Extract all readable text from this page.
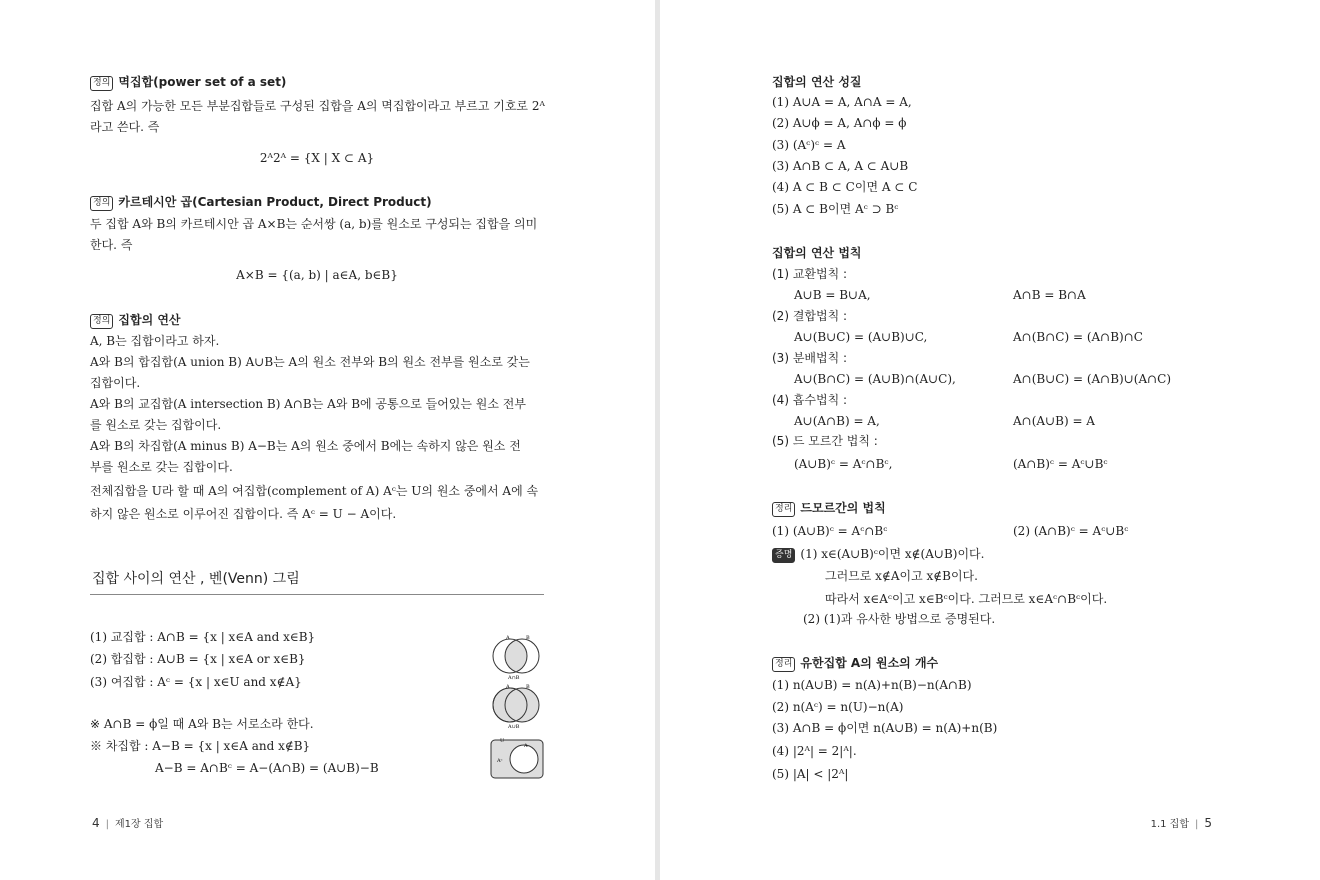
정의 멱집합(power set of a set)
집합 A의 가능한 모든 부분집합들로 구성된 집합을 A의 멱집합이라고 부르고 기호로 2ᴬ
라고 쓴다. 즉
2ᴬ2ᴬ = {X | X ⊂ A}
정의 카르테시안 곱(Cartesian Product, Direct Product)
두 집합 A와 B의 카르테시안 곱 A×B는 순서쌍 (a, b)를 원소로 구성되는 집합을 의미
한다. 즉
A×B = {(a, b) | a∈A, b∈B}
정의 집합의 연산
A, B는 집합이라고 하자.
A와 B의 합집합(A union B) A∪B는 A의 원소 전부와 B의 원소 전부를 원소로 갖는
집합이다.
A와 B의 교집합(A intersection B) A∩B는 A와 B에 공통으로 들어있는 원소 전부
를 원소로 갖는 집합이다.
A와 B의 차집합(A minus B) A−B는 A의 원소 중에서 B에는 속하지 않은 원소 전
부를 원소로 갖는 집합이다.
전체집합을 U라 할 때 A의 여집합(complement of A) Aᶜ는 U의 원소 중에서 A에 속
하지 않은 원소로 이루어진 집합이다. 즉 Aᶜ = U − A이다.
집합 사이의 연산 , 벤(Venn) 그림
(1) 교집합 : A∩B = {x | x∈A and x∈B}
(2) 합집합 : A∪B = {x | x∈A or x∈B}
(3) 여집합 : Aᶜ = {x | x∈U and x∉A}
※ A∩B = ϕ일 때 A와 B는 서로소라 한다.
※ 차집합 : A−B = {x | x∈A and x∉B}
A−B = A∩Bᶜ = A−(A∩B) = (A∪B)−B
A	B
A∩B
A	B
A∪B
U
A
Aᶜ
4 | 제1장 집합
집합의 연산 성질
(1) A∪A = A, A∩A = A,
(2) A∪ϕ = A, A∩ϕ = ϕ
(3) (Aᶜ)ᶜ = A
(3) A∩B ⊂ A, A ⊂ A∪B
(4) A ⊂ B ⊂ C이면 A ⊂ C
(5) A ⊂ B이면 Aᶜ ⊃ Bᶜ
집합의 연산 법칙
(1) 교환법칙 :
A∪B = B∪A,	A∩B = B∩A
(2) 결합법칙 :
A∪(B∪C) = (A∪B)∪C,	A∩(B∩C) = (A∩B)∩C
(3) 분배법칙 :
A∪(B∩C) = (A∪B)∩(A∪C),	A∩(B∪C) = (A∩B)∪(A∩C)
(4) 흡수법칙 :
A∪(A∩B) = A,	A∩(A∪B) = A
(5) 드 모르간 법칙 :
(A∪B)ᶜ = Aᶜ∩Bᶜ,	(A∩B)ᶜ = Aᶜ∪Bᶜ
정리 드모르간의 법칙
(1) (A∪B)ᶜ = Aᶜ∩Bᶜ	(2) (A∩B)ᶜ = Aᶜ∪Bᶜ
증명 (1) x∈(A∪B)ᶜ이면 x∉(A∪B)이다.
그러므로 x∉A이고 x∉B이다.
따라서 x∈Aᶜ이고 x∈Bᶜ이다. 그러므로 x∈Aᶜ∩Bᶜ이다.
(2) (1)과 유사한 방법으로 증명된다.
정리 유한집합 A의 원소의 개수
(1) n(A∪B) = n(A)+n(B)−n(A∩B)
(2) n(Aᶜ) = n(U)−n(A)
(3) A∩B = ϕ이면 n(A∪B) = n(A)+n(B)
(4) |2ᴬ| = 2|ᴬ|.
(5) |A| < |2ᴬ|
1.1 집합 | 5
